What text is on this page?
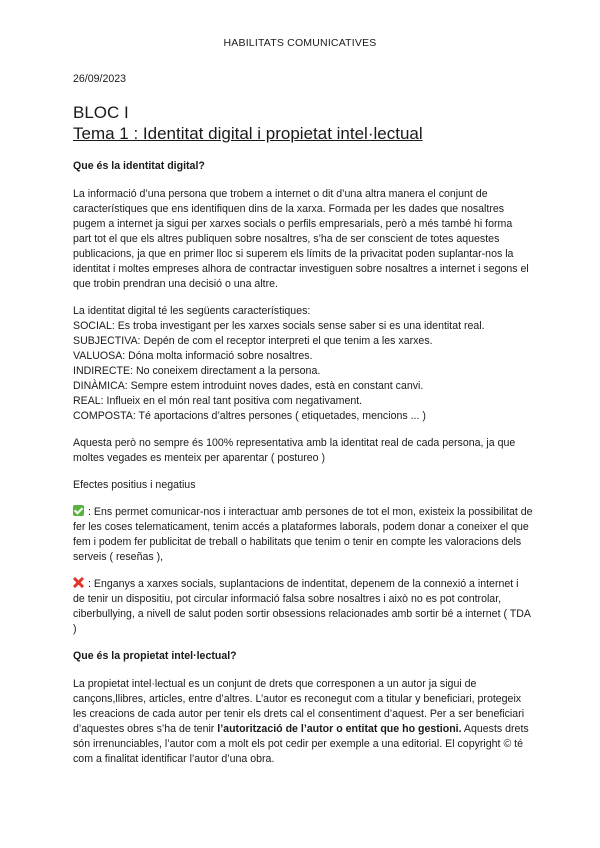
HABILITATS COMUNICATIVES
26/09/2023
BLOC I
Tema 1 : Identitat digital i propietat intel·lectual
Que és la identitat digital?

La informació d’una persona que trobem a internet o dit d’una altra manera el conjunt de característiques que ens identifiquen dins de la xarxa. Formada per les dades que nosaltres pugem a internet ja sigui per xarxes socials o perfils empresarials, però a més també hi forma part tot el que els altres publiquen sobre nosaltres, s’ha de ser conscient de totes aquestes publicacions, ja que en primer lloc si superem els límits de la privacitat poden suplantar-nos la identitat i moltes empreses alhora de contractar investiguen sobre nosaltres a internet i segons el que trobin prendran una decisió o una altre.

La identitat digital té les següents característiques:
SOCIAL: Es troba investigant per les xarxes socials sense saber si es una identitat real.
SUBJECTIVA: Depén de com el receptor interpreti el que tenim a les xarxes.
VALUOSA: Dóna molta informació sobre nosaltres.
INDIRECTE: No coneixem directament a la persona.
DINÀMICA: Sempre estem introduint noves dades, està en constant canvi.
REAL: Influeix en el món real tant positiva com negativament.
COMPOSTA: Té aportacions d’altres persones ( etiquetades, mencions ... )

Aquesta però no sempre és 100% representativa amb la identitat real de cada persona, ja que moltes vegades es menteix per aparentar ( postureo )

Efectes positius i negatius

: Ens permet comunicar-nos i interactuar amb persones de tot el mon, existeix la possibilitat de fer les coses telematicament, tenim accés a plataformes laborals, podem donar a coneixer el que fem i podem fer publicitat de treball o habilitats que tenim o tenir en compte les valoracions dels serveis ( reseñas ),

: Enganys a xarxes socials, suplantacions de indentitat, depenem de la connexió a internet i de tenir un dispositiu, pot circular informació falsa sobre nosaltres i això no es pot controlar, ciberbullying, a nivell de salut poden sortir obsessions relacionades amb sortir bé a internet ( TDA )

Que és la propietat intel·lectual?

La propietat intel·lectual es un conjunt de drets que corresponen a un autor ja sigui de cançons,llibres, articles, entre d’altres. L’autor es reconegut com a titular y beneficiari, protegeix les creacions de cada autor per tenir els drets cal el consentiment d’aquest. Per a ser beneficiari d’aquestes obres s’ha de tenir l’autorització de l’autor o entitat que ho gestioni. Aquests drets són irrenunciables, l’autor com a molt els pot cedir per exemple a una editorial. El copyright © té com a finalitat identificar l’autor d’una obra.
